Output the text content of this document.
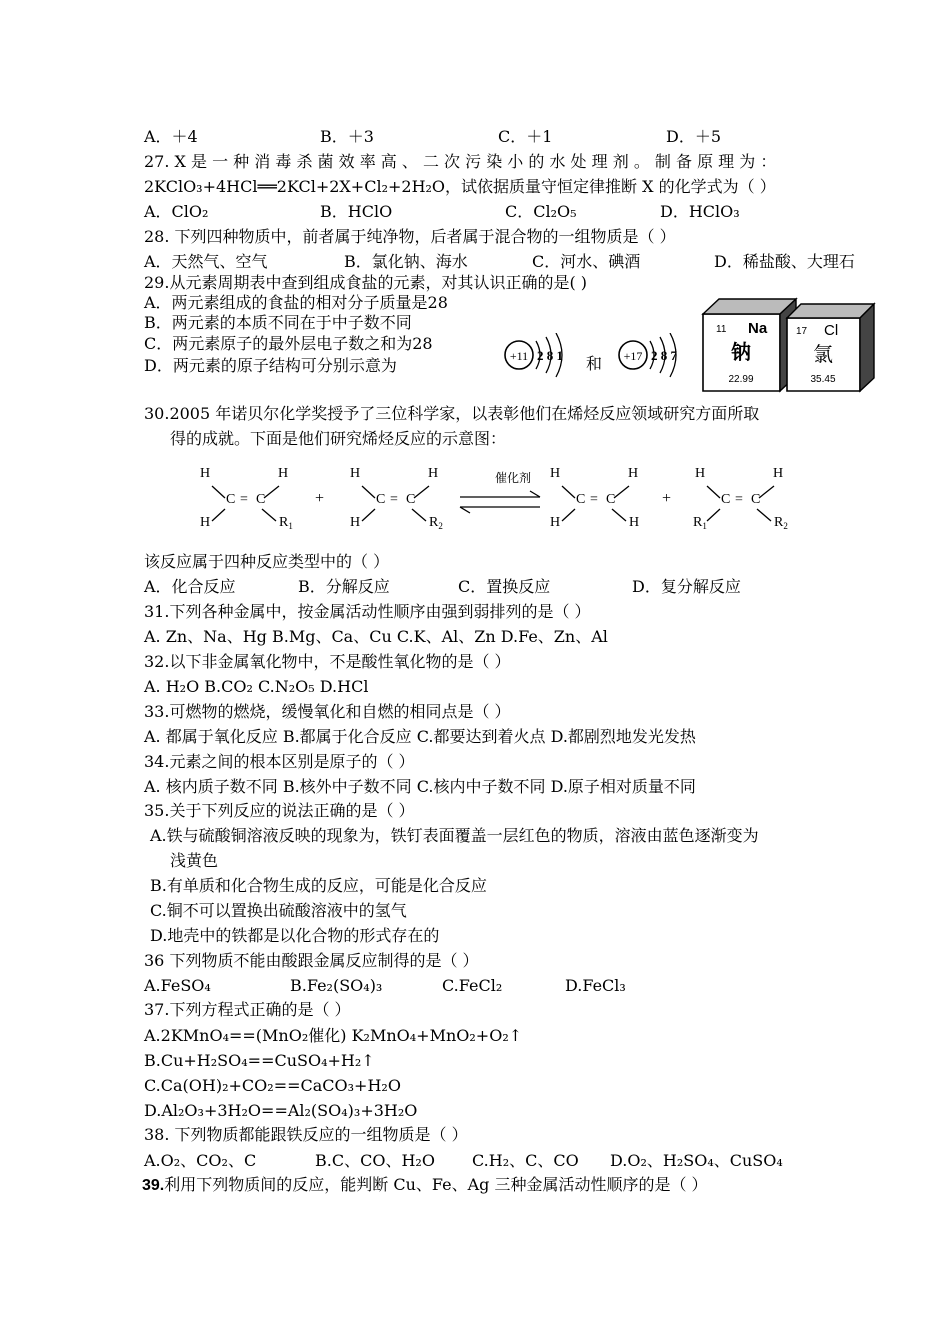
A．＋4	B．＋3	C．＋1	D．＋5
27. X 是 一 种 消 毒 杀 菌 效 率 高 、 二 次 污 染 小 的 水 处 理 剂 。 制 备 原 理 为 ：
2KClO₃+4HCl══2KCl+2X+Cl₂+2H₂O，试依据质量守恒定律推断 X 的化学式为（ ）
A．ClO₂	B．HClO	C．Cl₂O₅	D．HClO₃
28. 下列四种物质中，前者属于纯净物，后者属于混合物的一组物质是（ ）
A．天然气、空气	B．氯化钠、海水	C．河水、碘酒	D．稀盐酸、大理石
29.从元素周期表中查到组成食盐的元素，对其认识正确的是( )
A．两元素组成的食盐的相对分子质量是28
B．两元素的本质不同在于中子数不同
C．两元素原子的最外层电子数之和为28
D．两元素的原子结构可分别示意为	+11 2 8 1
和 +17 2 8 7
11 Na
钠
22.99
17 Cl
氯
35.45
30.2005 年诺贝尔化学奖授予了三位科学家，以表彰他们在烯烃反应领域研究方面所取
得的成就。下面是他们研究烯烃反应的示意图：
H	H
C = C
H	$R_1$
+
H	H
C = C
H	$R_2$
催化剂 H	H
C = C
H	H
+
H	H
C = C
$R_1$	$R_2$
该反应属于四种反应类型中的（ ）
A．化合反应	B．分解反应	C．置换反应	D．复分解反应
31.下列各种金属中，按金属活动性顺序由强到弱排列的是（ ）
A. Zn、Na、Hg B.Mg、Ca、Cu C.K、Al、Zn D.Fe、Zn、Al
32.以下非金属氧化物中，不是酸性氧化物的是（ ）
A. H₂O B.CO₂ C.N₂O₅ D.HCl
33.可燃物的燃烧，缓慢氧化和自燃的相同点是（ ）
A. 都属于氧化反应 B.都属于化合反应 C.都要达到着火点 D.都剧烈地发光发热
34.元素之间的根本区别是原子的（ ）
A. 核内质子数不同 B.核外中子数不同 C.核内中子数不同 D.原子相对质量不同
35.关于下列反应的说法正确的是（ ）
A.铁与硫酸铜溶液反映的现象为，铁钉表面覆盖一层红色的物质，溶液由蓝色逐渐变为
浅黄色
B.有单质和化合物生成的反应，可能是化合反应
C.铜不可以置换出硫酸溶液中的氢气
D.地壳中的铁都是以化合物的形式存在的
36 下列物质不能由酸跟金属反应制得的是（ ）
A.FeSO₄	B.Fe₂(SO₄)₃	C.FeCl₂	D.FeCl₃
37.下列方程式正确的是（ ）
A.2KMnO₄==(MnO₂催化) K₂MnO₄+MnO₂+O₂↑
B.Cu+H₂SO₄==CuSO₄+H₂↑
C.Ca(OH)₂+CO₂==CaCO₃+H₂O
D.Al₂O₃+3H₂O==Al₂(SO₄)₃+3H₂O
38. 下列物质都能跟铁反应的一组物质是（ ）
A.O₂、CO₂、C	B.C、CO、H₂O C.H₂、C、CO D.O₂、H₂SO₄、CuSO₄
39.利用下列物质间的反应，能判断 Cu、Fe、Ag 三种金属活动性顺序的是（ ）
